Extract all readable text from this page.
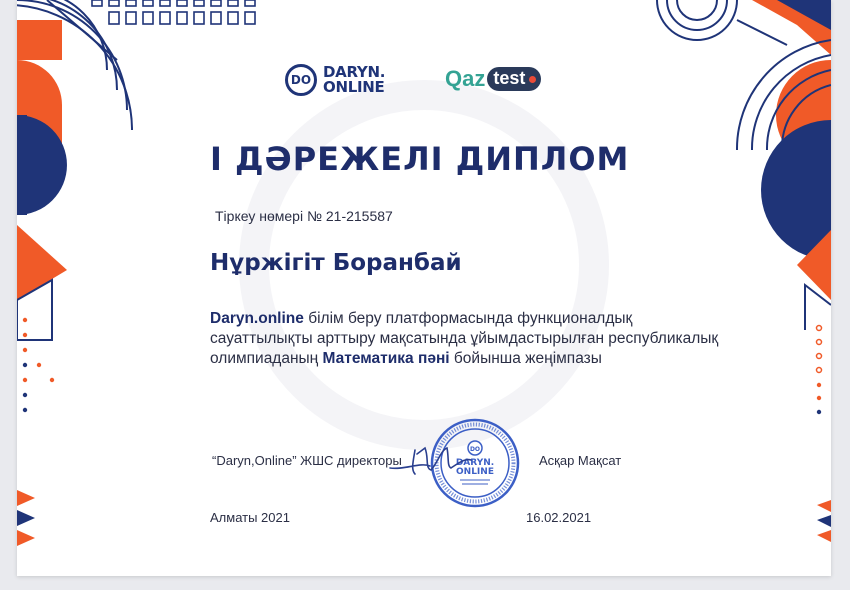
DO DARYN.
ONLINE	Qaz test
І ДӘРЕЖЕЛІ ДИПЛОМ
Тіркеу нөмері № 21-215587
Нұржігіт Боранбай

Daryn.online білім беру платформасында функционалдық сауаттылықты арттыру мақсатында ұйымдастырылған республикалық олимпиаданың Математика пәні бойынша жеңімпазы

“Daryn,Online” ЖШС директоры	Асқар Мақсат
DO
DARYN.
ONLINE
Алматы 2021	16.02.2021
